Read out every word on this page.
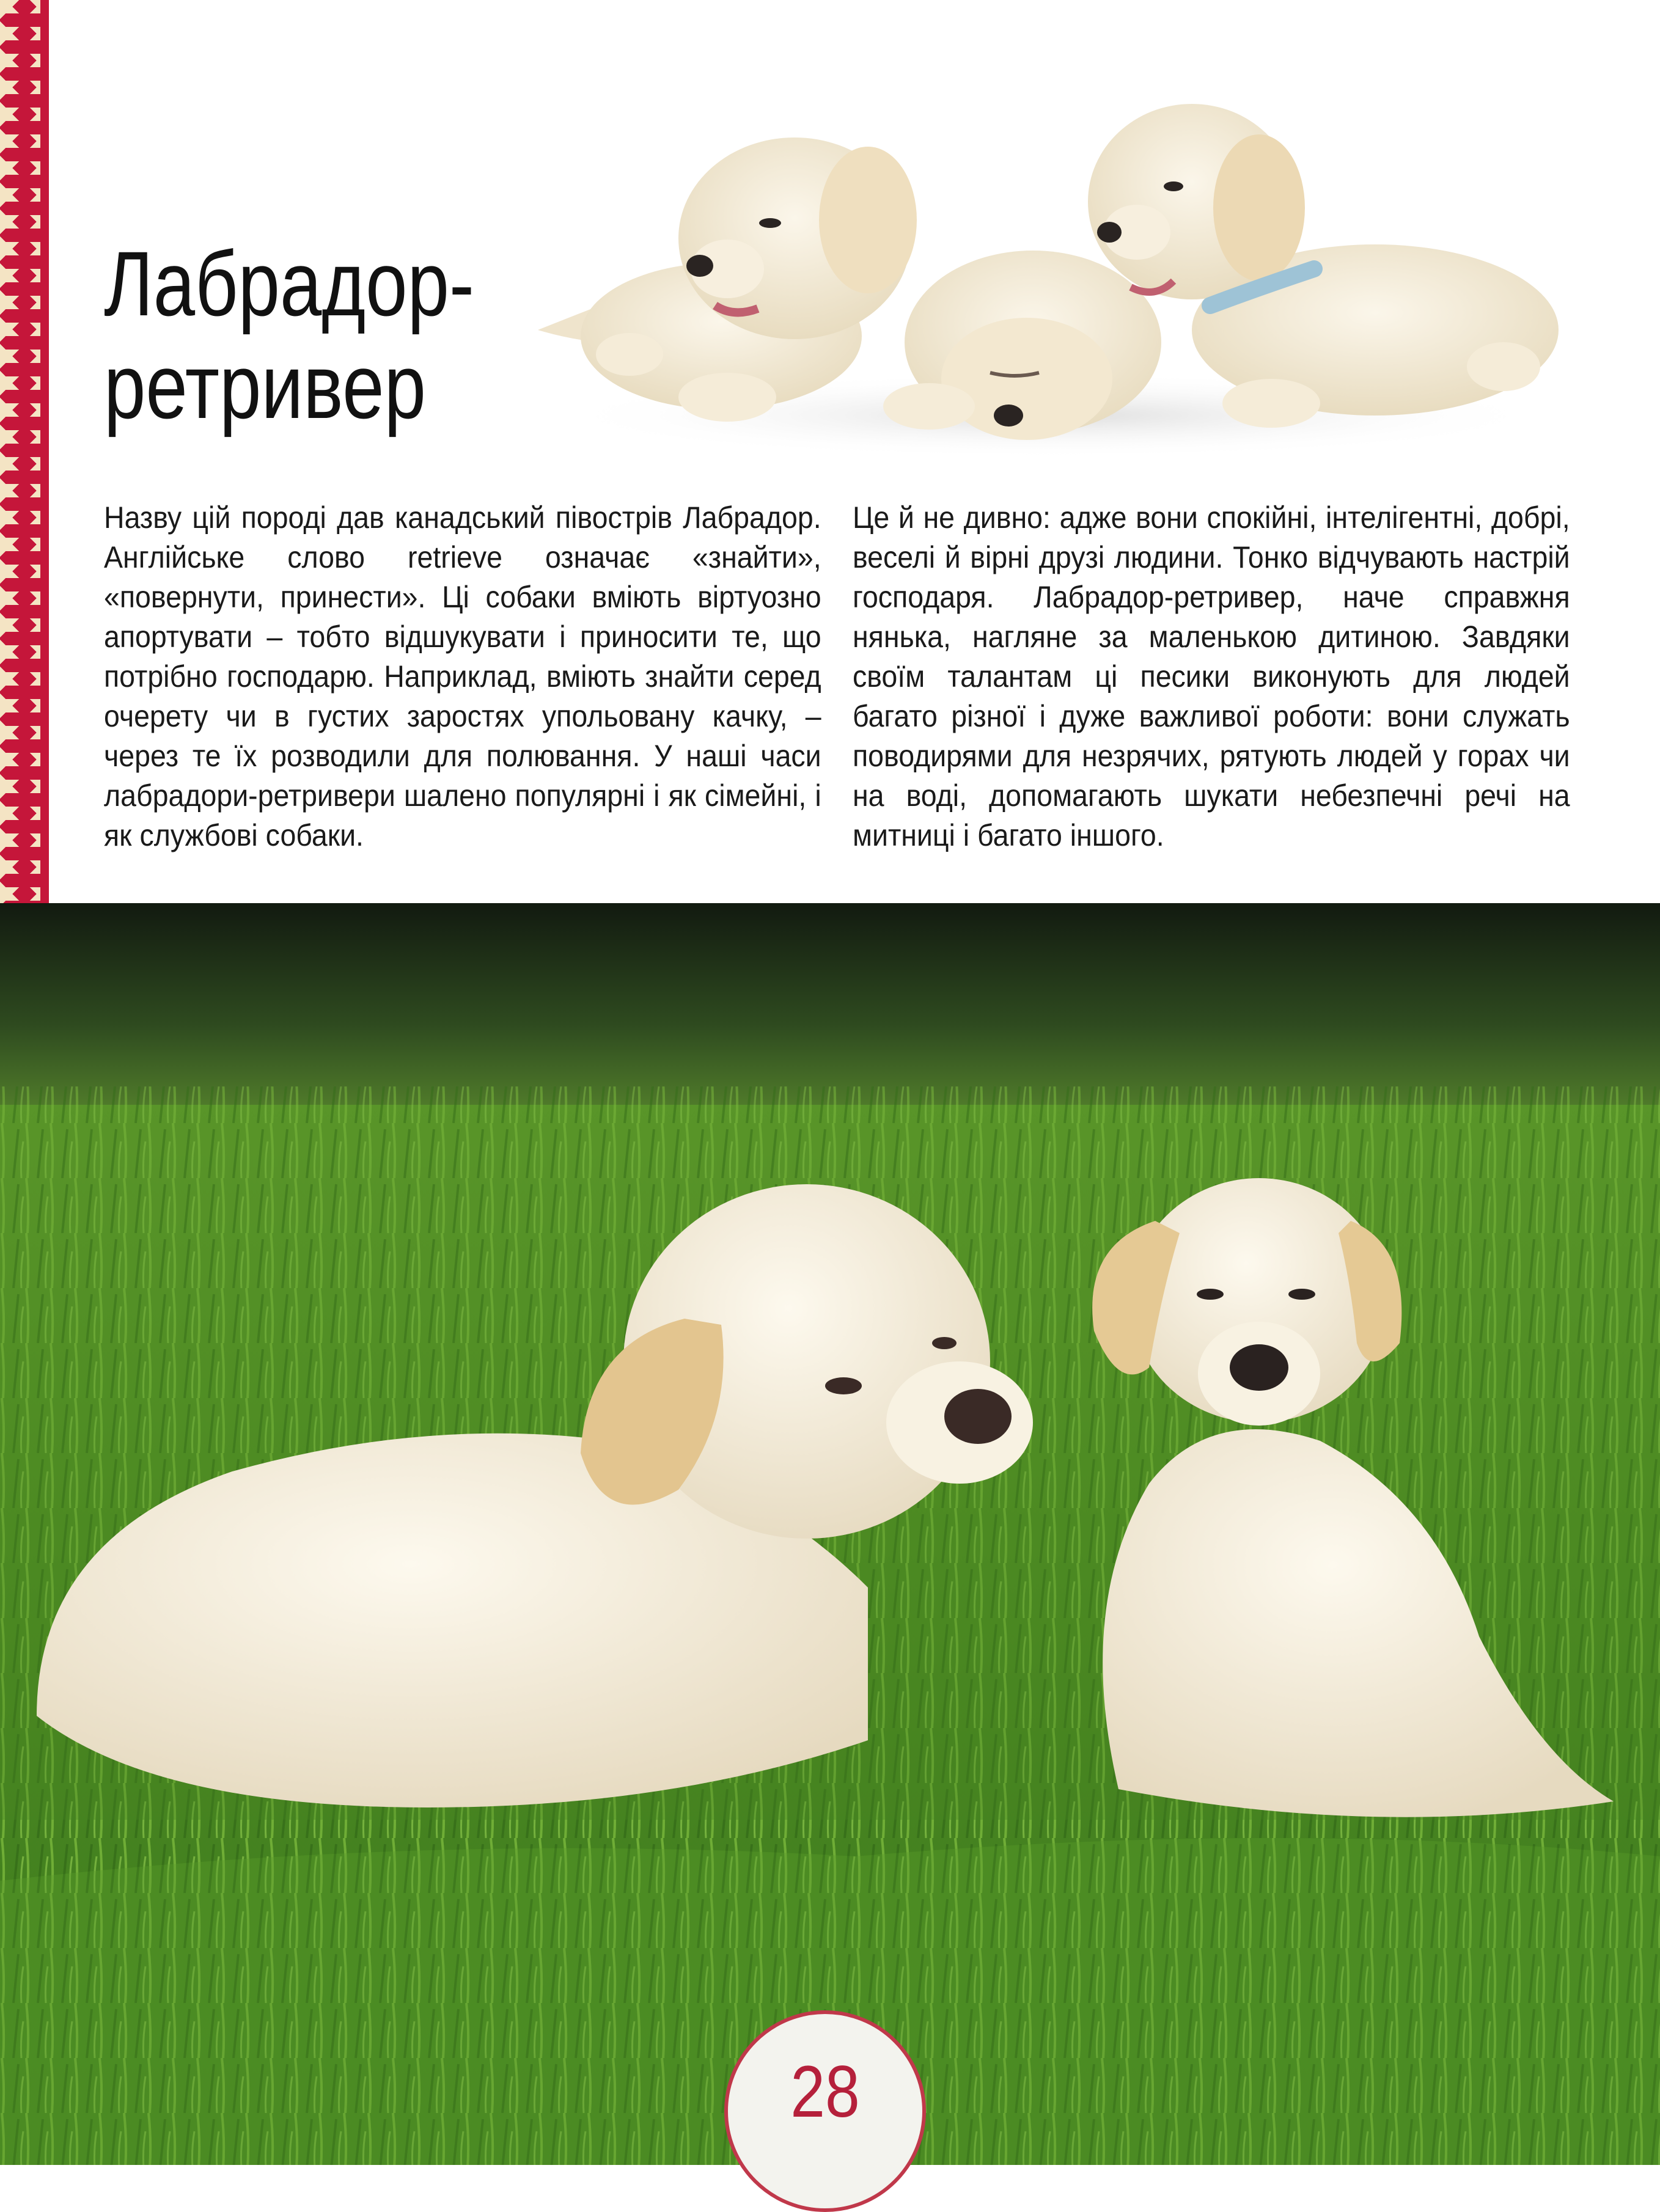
Лабрадор-
ретривер

Назву цій породі дав канадський півострів Лабрадор. Англійське слово retrieve означає «знайти», «повернути, принести». Ці собаки вміють віртуозно апортувати – тобто відшукувати і приносити те, що потрібно господарю. Наприклад, вміють знайти серед очерету чи в густих заростях упольовану качку, – через те їх розводили для полювання. У наші часи лабрадори-ретривери шалено популярні і як сімейні, і як службові собаки.

Це й не дивно: адже вони спокійні, інтелігентні, добрі, веселі й вірні друзі людини. Тонко відчувають настрій господаря. Лабрадор-ретривер, наче справжня нянька, нагляне за маленькою дитиною. Завдяки своїм талантам ці песики виконують для людей багато різної і дуже важливої роботи: вони служать поводирями для незрячих, рятують людей у горах чи на воді, допомагають шукати небезпечні речі на митниці і багато іншого.

28
